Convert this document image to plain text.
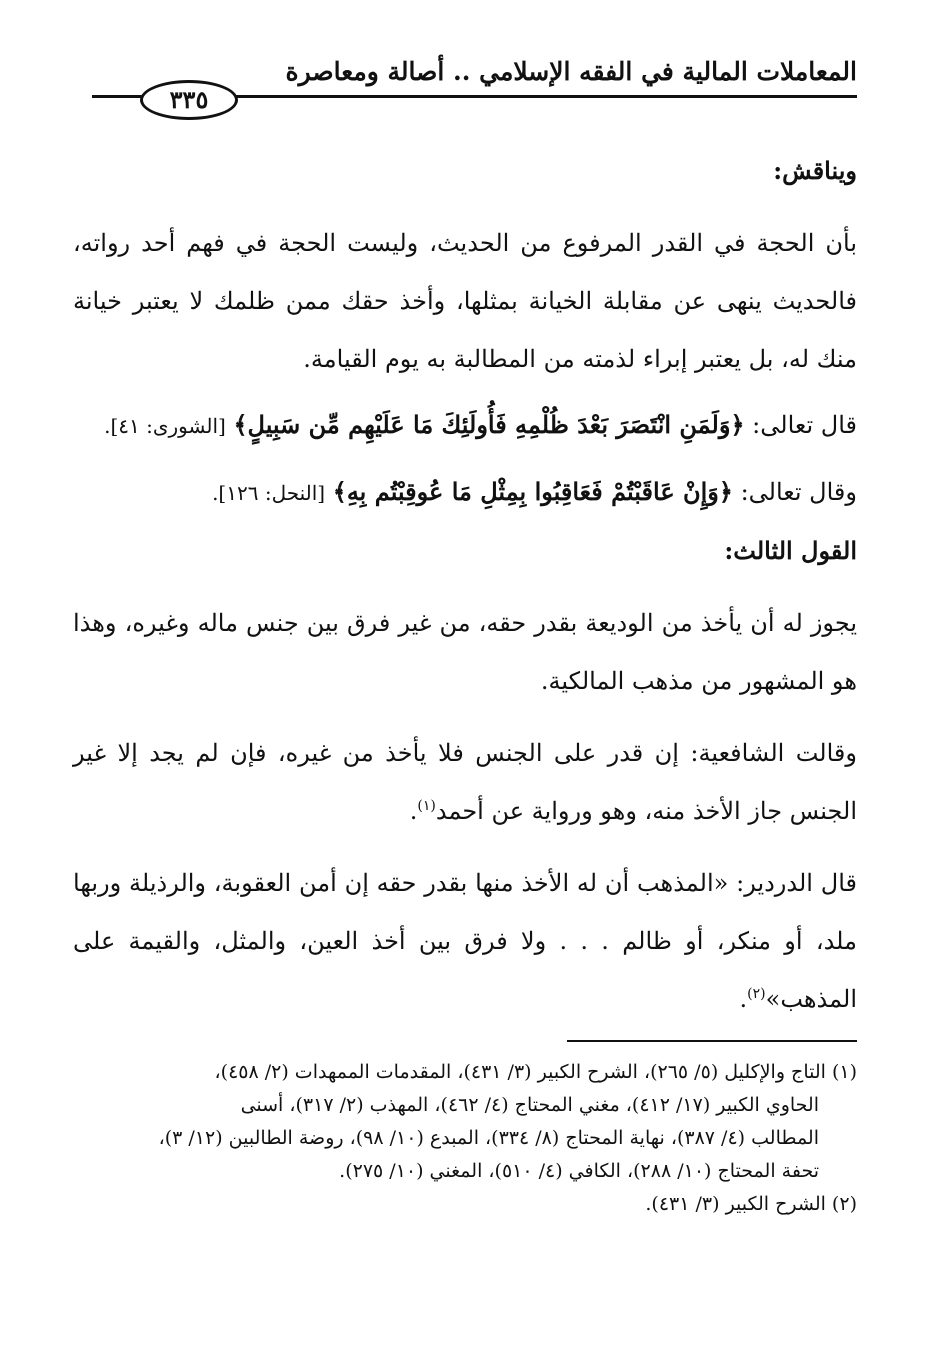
المعاملات المالية في الفقه الإسلامي .. أصالة ومعاصرة
٣٣٥

ويناقش:

بأن الحجة في القدر المرفوع من الحديث، وليست الحجة في فهم أحد رواته، فالحديث ينهى عن مقابلة الخيانة بمثلها، وأخذ حقك ممن ظلمك لا يعتبر خيانة منك له، بل يعتبر إبراء لذمته من المطالبة به يوم القيامة.

قال تعالى: ﴿وَلَمَنِ انْتَصَرَ بَعْدَ ظُلْمِهِ فَأُولَئِكَ مَا عَلَيْهِم مِّن سَبِيلٍ﴾ [الشورى: ٤١].

وقال تعالى: ﴿وَإِنْ عَاقَبْتُمْ فَعَاقِبُوا بِمِثْلِ مَا عُوقِبْتُم بِهِ﴾ [النحل: ١٢٦].

القول الثالث:

يجوز له أن يأخذ من الوديعة بقدر حقه، من غير فرق بين جنس ماله وغيره، وهذا هو المشهور من مذهب المالكية.

وقالت الشافعية: إن قدر على الجنس فلا يأخذ من غيره، فإن لم يجد إلا غير الجنس جاز الأخذ منه، وهو ورواية عن أحمد$^{(١)}$.

قال الدردير: «المذهب أن له الأخذ منها بقدر حقه إن أمن العقوبة، والرذيلة وربها ملد، أو منكر، أو ظالم . . . ولا فرق بين أخذ العين، والمثل، والقيمة على المذهب»$^{(٢)}$.

(١) التاج والإكليل (٥/ ٢٦٥)، الشرح الكبير (٣/ ٤٣١)، المقدمات الممهدات (٢/ ٤٥٨)،
الحاوي الكبير (١٧/ ٤١٢)، مغني المحتاج (٤/ ٤٦٢)، المهذب (٢/ ٣١٧)، أسنى
المطالب (٤/ ٣٨٧)، نهاية المحتاج (٨/ ٣٣٤)، المبدع (١٠/ ٩٨)، روضة الطالبين (١٢/ ٣)،
تحفة المحتاج (١٠/ ٢٨٨)، الكافي (٤/ ٥١٠)، المغني (١٠/ ٢٧٥).

(٢) الشرح الكبير (٣/ ٤٣١).
